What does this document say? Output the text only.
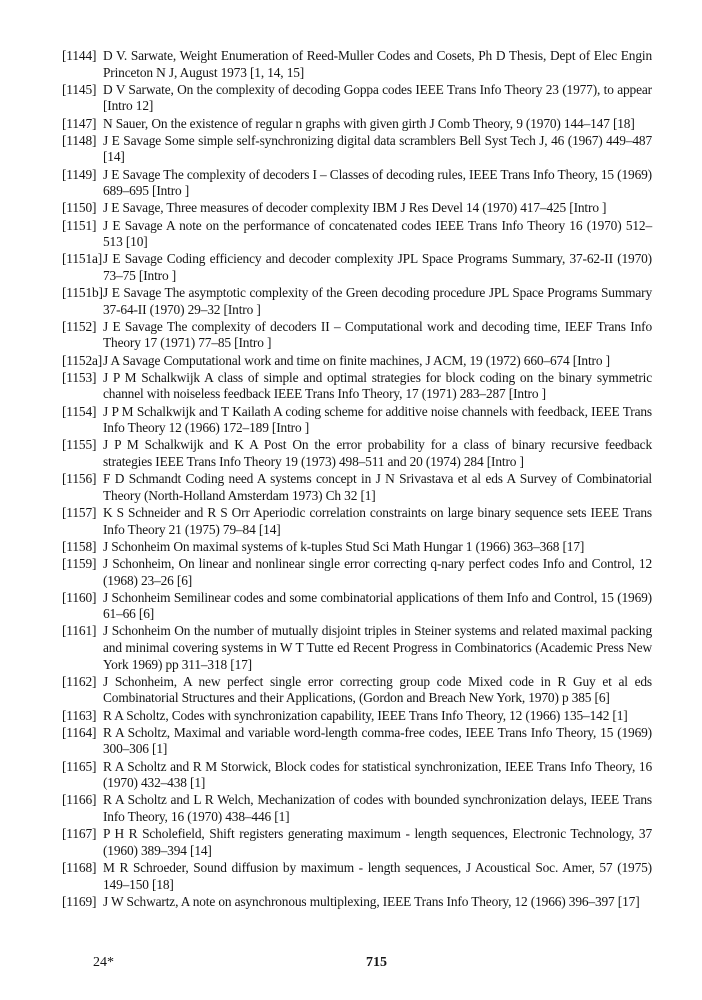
[1144] D V. Sarwate, Weight Enumeration of Reed-Muller Codes and Cosets, Ph D Thesis, Dept of Elec Engin Princeton N J, August 1973 [1, 14, 15]
[1145] D V Sarwate, On the complexity of decoding Goppa codes IEEE Trans Info Theory 23 (1977), to appear [Intro 12]
[1147] N Sauer, On the existence of regular n graphs with given girth J Comb Theory, 9 (1970) 144–147 [18]
[1148] J E Savage Some simple self-synchronizing digital data scramblers Bell Syst Tech J, 46 (1967) 449–487 [14]
[1149] J E Savage The complexity of decoders I – Classes of decoding rules, IEEE Trans Info Theory, 15 (1969) 689–695 [Intro ]
[1150] J E Savage, Three measures of decoder complexity IBM J Res Devel 14 (1970) 417–425 [Intro ]
[1151] J E Savage A note on the performance of concatenated codes IEEE Trans Info Theory 16 (1970) 512–513 [10]
[1151a] J E Savage Coding efficiency and decoder complexity JPL Space Programs Summary, 37-62-II (1970) 73–75 [Intro ]
[1151b] J E Savage The asymptotic complexity of the Green decoding procedure JPL Space Programs Summary 37-64-II (1970) 29–32 [Intro ]
[1152] J E Savage The complexity of decoders II – Computational work and decoding time, IEEF Trans Info Theory 17 (1971) 77–85 [Intro ]
[1152a] J A Savage Computational work and time on finite machines, J ACM, 19 (1972) 660–674 [Intro ]
[1153] J P M Schalkwijk A class of simple and optimal strategies for block coding on the binary symmetric channel with noiseless feedback IEEE Trans Info Theory, 17 (1971) 283–287 [Intro ]
[1154] J P M Schalkwijk and T Kailath A coding scheme for additive noise channels with feedback, IEEE Trans Info Theory 12 (1966) 172–189 [Intro ]
[1155] J P M Schalkwijk and K A Post On the error probability for a class of binary recursive feedback strategies IEEE Trans Info Theory 19 (1973) 498–511 and 20 (1974) 284 [Intro ]
[1156] F D Schmandt Coding need A systems concept in J N Srivastava et al eds A Survey of Combinatorial Theory (North-Holland Amsterdam 1973) Ch 32 [1]
[1157] K S Schneider and R S Orr Aperiodic correlation constraints on large binary sequence sets IEEE Trans Info Theory 21 (1975) 79–84 [14]
[1158] J Schonheim On maximal systems of k-tuples Stud Sci Math Hungar 1 (1966) 363–368 [17]
[1159] J Schonheim, On linear and nonlinear single error correcting q-nary perfect codes Info and Control, 12 (1968) 23–26 [6]
[1160] J Schonheim Semilinear codes and some combinatorial applications of them Info and Control, 15 (1969) 61–66 [6]
[1161] J Schonheim On the number of mutually disjoint triples in Steiner systems and related maximal packing and minimal covering systems in W T Tutte ed Recent Progress in Combinatorics (Academic Press New York 1969) pp 311–318 [17]
[1162] J Schonheim, A new perfect single error correcting group code Mixed code in R Guy et al eds Combinatorial Structures and their Applications, (Gordon and Breach New York, 1970) p 385 [6]
[1163] R A Scholtz, Codes with synchronization capability, IEEE Trans Info Theory, 12 (1966) 135–142 [1]
[1164] R A Scholtz, Maximal and variable word-length comma-free codes, IEEE Trans Info Theory, 15 (1969) 300–306 [1]
[1165] R A Scholtz and R M Storwick, Block codes for statistical synchronization, IEEE Trans Info Theory, 16 (1970) 432–438 [1]
[1166] R A Scholtz and L R Welch, Mechanization of codes with bounded synchronization delays, IEEE Trans Info Theory, 16 (1970) 438–446 [1]
[1167] P H R Scholefield, Shift registers generating maximum - length sequences, Electronic Technology, 37 (1960) 389–394 [14]
[1168] M R Schroeder, Sound diffusion by maximum - length sequences, J Acoustical Soc. Amer, 57 (1975) 149–150 [18]
[1169] J W Schwartz, A note on asynchronous multiplexing, IEEE Trans Info Theory, 12 (1966) 396–397 [17]
24*	715
